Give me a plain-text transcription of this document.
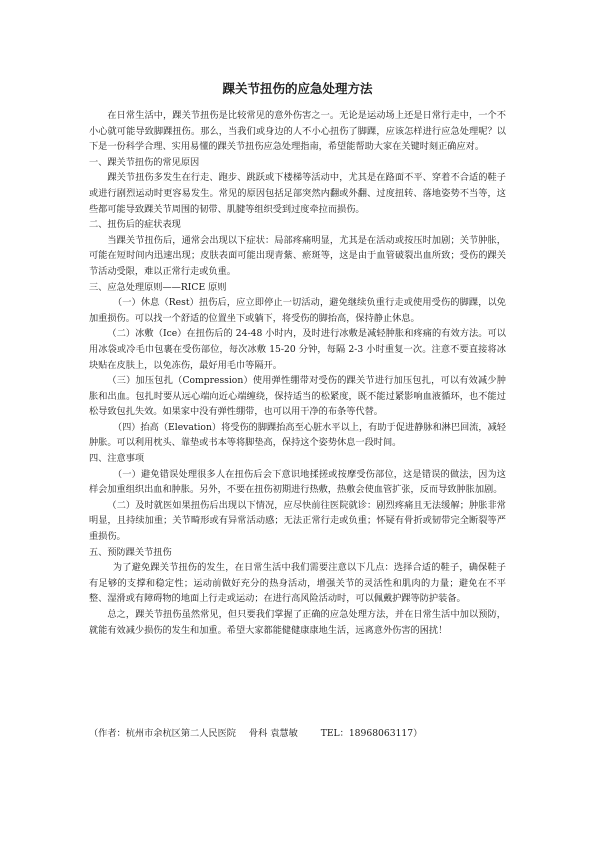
踝关节扭伤的应急处理方法

在日常生活中，踝关节扭伤是比较常见的意外伤害之一。无论是运动场上还是日常行走中，一个不小心就可能导致脚踝扭伤。那么，当我们或身边的人不小心扭伤了脚踝，应该怎样进行应急处理呢？以下是一份科学合理、实用易懂的踝关节扭伤应急处理指南，希望能帮助大家在关键时刻正确应对。

一、踝关节扭伤的常见原因

踝关节扭伤多发生在行走、跑步、跳跃或下楼梯等活动中，尤其是在路面不平、穿着不合适的鞋子或进行剧烈运动时更容易发生。常见的原因包括足部突然内翻或外翻、过度扭转、落地姿势不当等，这些都可能导致踝关节周围的韧带、肌腱等组织受到过度牵拉而损伤。

二、扭伤后的症状表现

当踝关节扭伤后，通常会出现以下症状：局部疼痛明显，尤其是在活动或按压时加剧；关节肿胀，可能在短时间内迅速出现；皮肤表面可能出现青紫、瘀斑等，这是由于血管破裂出血所致；受伤的踝关节活动受限，难以正常行走或负重。

三、应急处理原则——RICE 原则

（一）休息（Rest）扭伤后，应立即停止一切活动，避免继续负重行走或使用受伤的脚踝，以免加重损伤。可以找一个舒适的位置坐下或躺下，将受伤的脚抬高，保持静止休息。

（二）冰敷（Ice）在扭伤后的 24-48 小时内，及时进行冰敷是减轻肿胀和疼痛的有效方法。可以用冰袋或冷毛巾包裹在受伤部位，每次冰敷 15-20 分钟，每隔 2-3 小时重复一次。注意不要直接将冰块贴在皮肤上，以免冻伤，最好用毛巾等隔开。

（三）加压包扎（Compression）使用弹性绷带对受伤的踝关节进行加压包扎，可以有效减少肿胀和出血。包扎时要从远心端向近心端缠绕，保持适当的松紧度，既不能过紧影响血液循环，也不能过松导致包扎失效。如果家中没有弹性绷带，也可以用干净的布条等代替。

（四）抬高（Elevation）将受伤的脚踝抬高至心脏水平以上，有助于促进静脉和淋巴回流，减轻肿胀。可以利用枕头、靠垫或书本等将脚垫高，保持这个姿势休息一段时间。

四、注意事项

（一）避免错误处理很多人在扭伤后会下意识地揉搓或按摩受伤部位，这是错误的做法，因为这样会加重组织出血和肿胀。另外，不要在扭伤初期进行热敷，热敷会使血管扩张，反而导致肿胀加剧。

（二）及时就医如果扭伤后出现以下情况，应尽快前往医院就诊：剧烈疼痛且无法缓解；肿胀非常明显，且持续加重；关节畸形或有异常活动感；无法正常行走或负重；怀疑有骨折或韧带完全断裂等严重损伤。

五、预防踝关节扭伤

为了避免踝关节扭伤的发生，在日常生活中我们需要注意以下几点：选择合适的鞋子，确保鞋子有足够的支撑和稳定性；运动前做好充分的热身活动，增强关节的灵活性和肌肉的力量；避免在不平整、湿滑或有障碍物的地面上行走或运动；在进行高风险活动时，可以佩戴护踝等防护装备。

总之，踝关节扭伤虽然常见，但只要我们掌握了正确的应急处理方法，并在日常生活中加以预防，就能有效减少损伤的发生和加重。希望大家都能健健康康地生活，远离意外伤害的困扰！

（作者：杭州市余杭区第二人民医院 骨科 袁慧敏 TEL：18968063117）
